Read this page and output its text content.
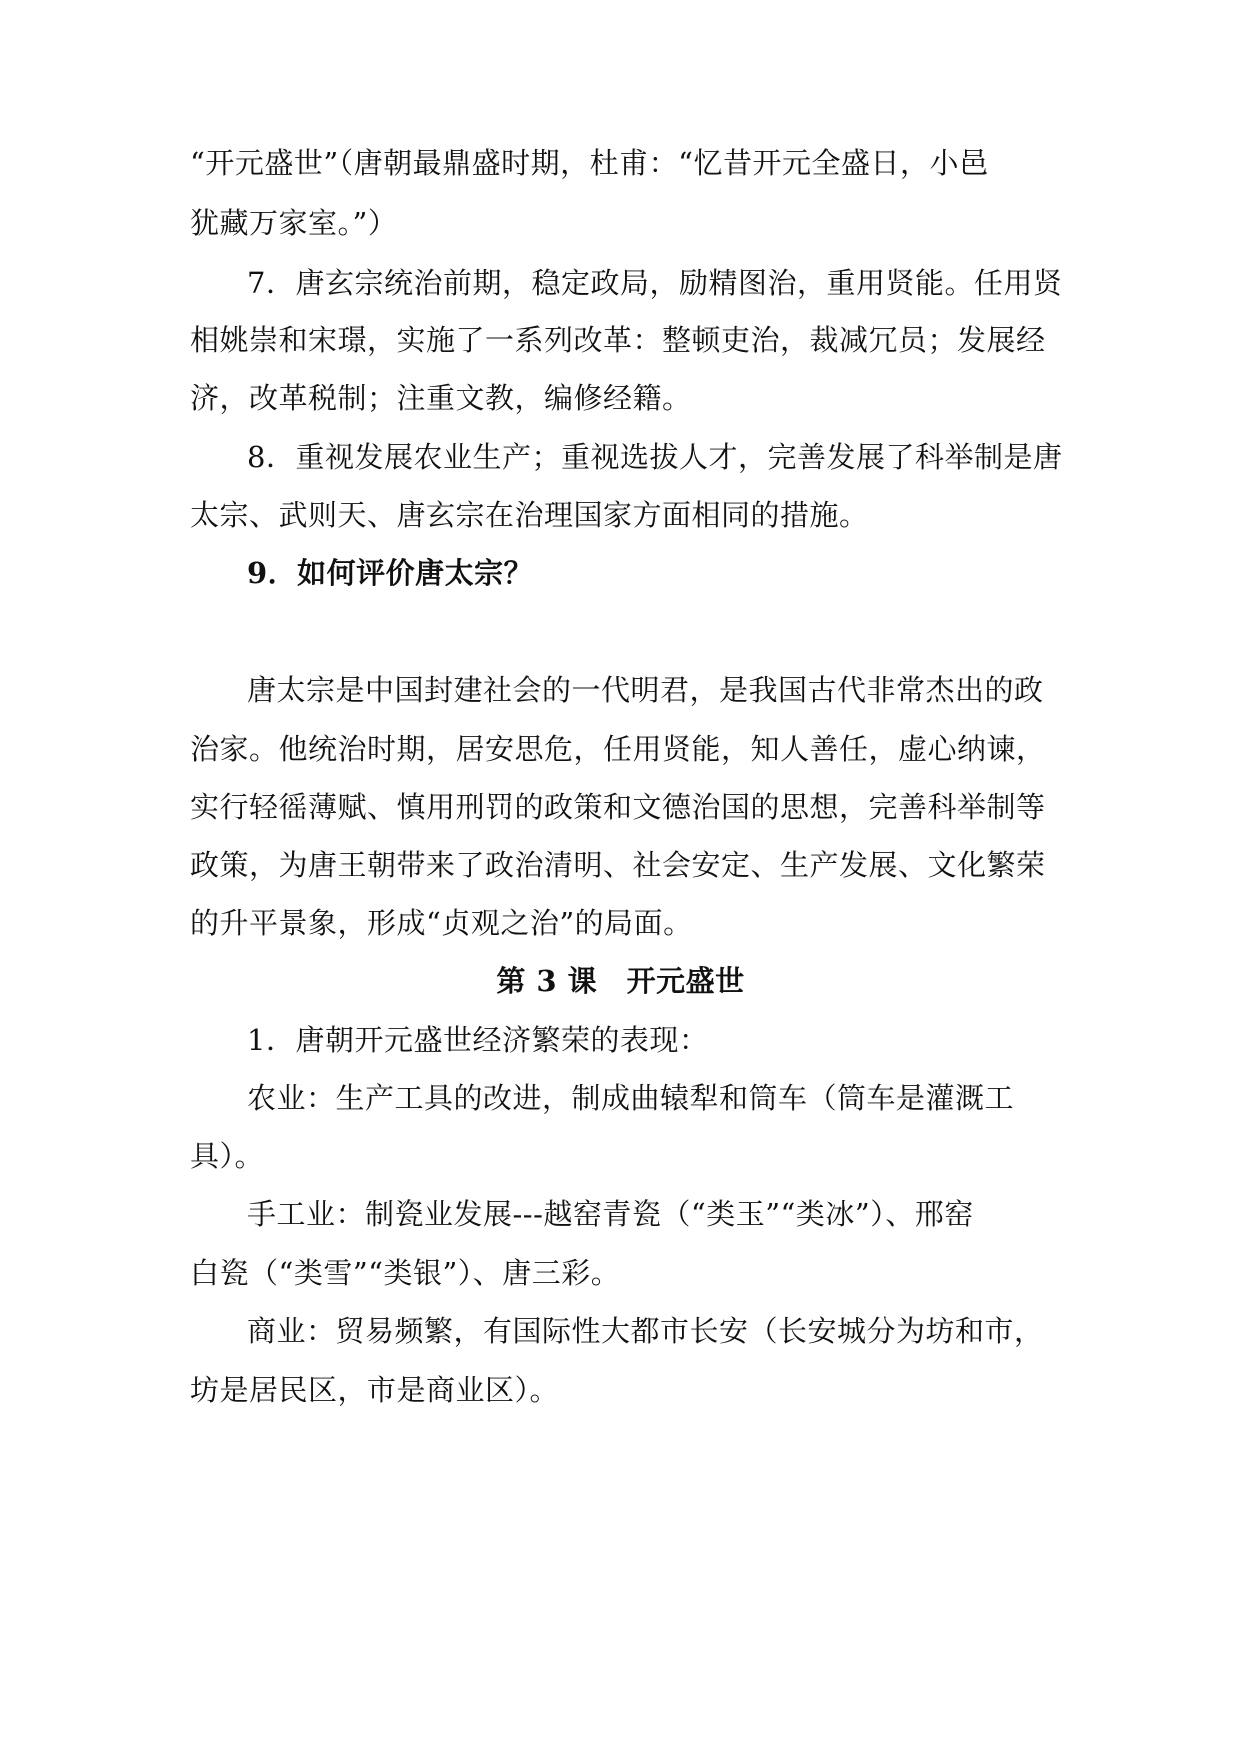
“开元盛世”（唐朝最鼎盛时期，杜甫：“忆昔开元全盛日，小邑
犹藏万家室。”）
7．唐玄宗统治前期，稳定政局，励精图治，重用贤能。任用贤
相姚崇和宋璟，实施了一系列改革：整顿吏治，裁减冗员；发展经
济，改革税制；注重文教，编修经籍。
8．重视发展农业生产；重视选拔人才，完善发展了科举制是唐
太宗、武则天、唐玄宗在治理国家方面相同的措施。
9．如何评价唐太宗？
唐太宗是中国封建社会的一代明君，是我国古代非常杰出的政
治家。他统治时期，居安思危，任用贤能，知人善任，虚心纳谏，
实行轻徭薄赋、慎用刑罚的政策和文德治国的思想，完善科举制等
政策，为唐王朝带来了政治清明、社会安定、生产发展、文化繁荣
的升平景象，形成“贞观之治”的局面。
第 3 课　开元盛世
1．唐朝开元盛世经济繁荣的表现：
农业：生产工具的改进，制成曲辕犁和筒车（筒车是灌溉工
具）。
手工业：制瓷业发展---越窑青瓷（“类玉”“类冰”）、邢窑
白瓷（“类雪”“类银”）、唐三彩。
商业：贸易频繁，有国际性大都市长安（长安城分为坊和市，
坊是居民区，市是商业区）。
